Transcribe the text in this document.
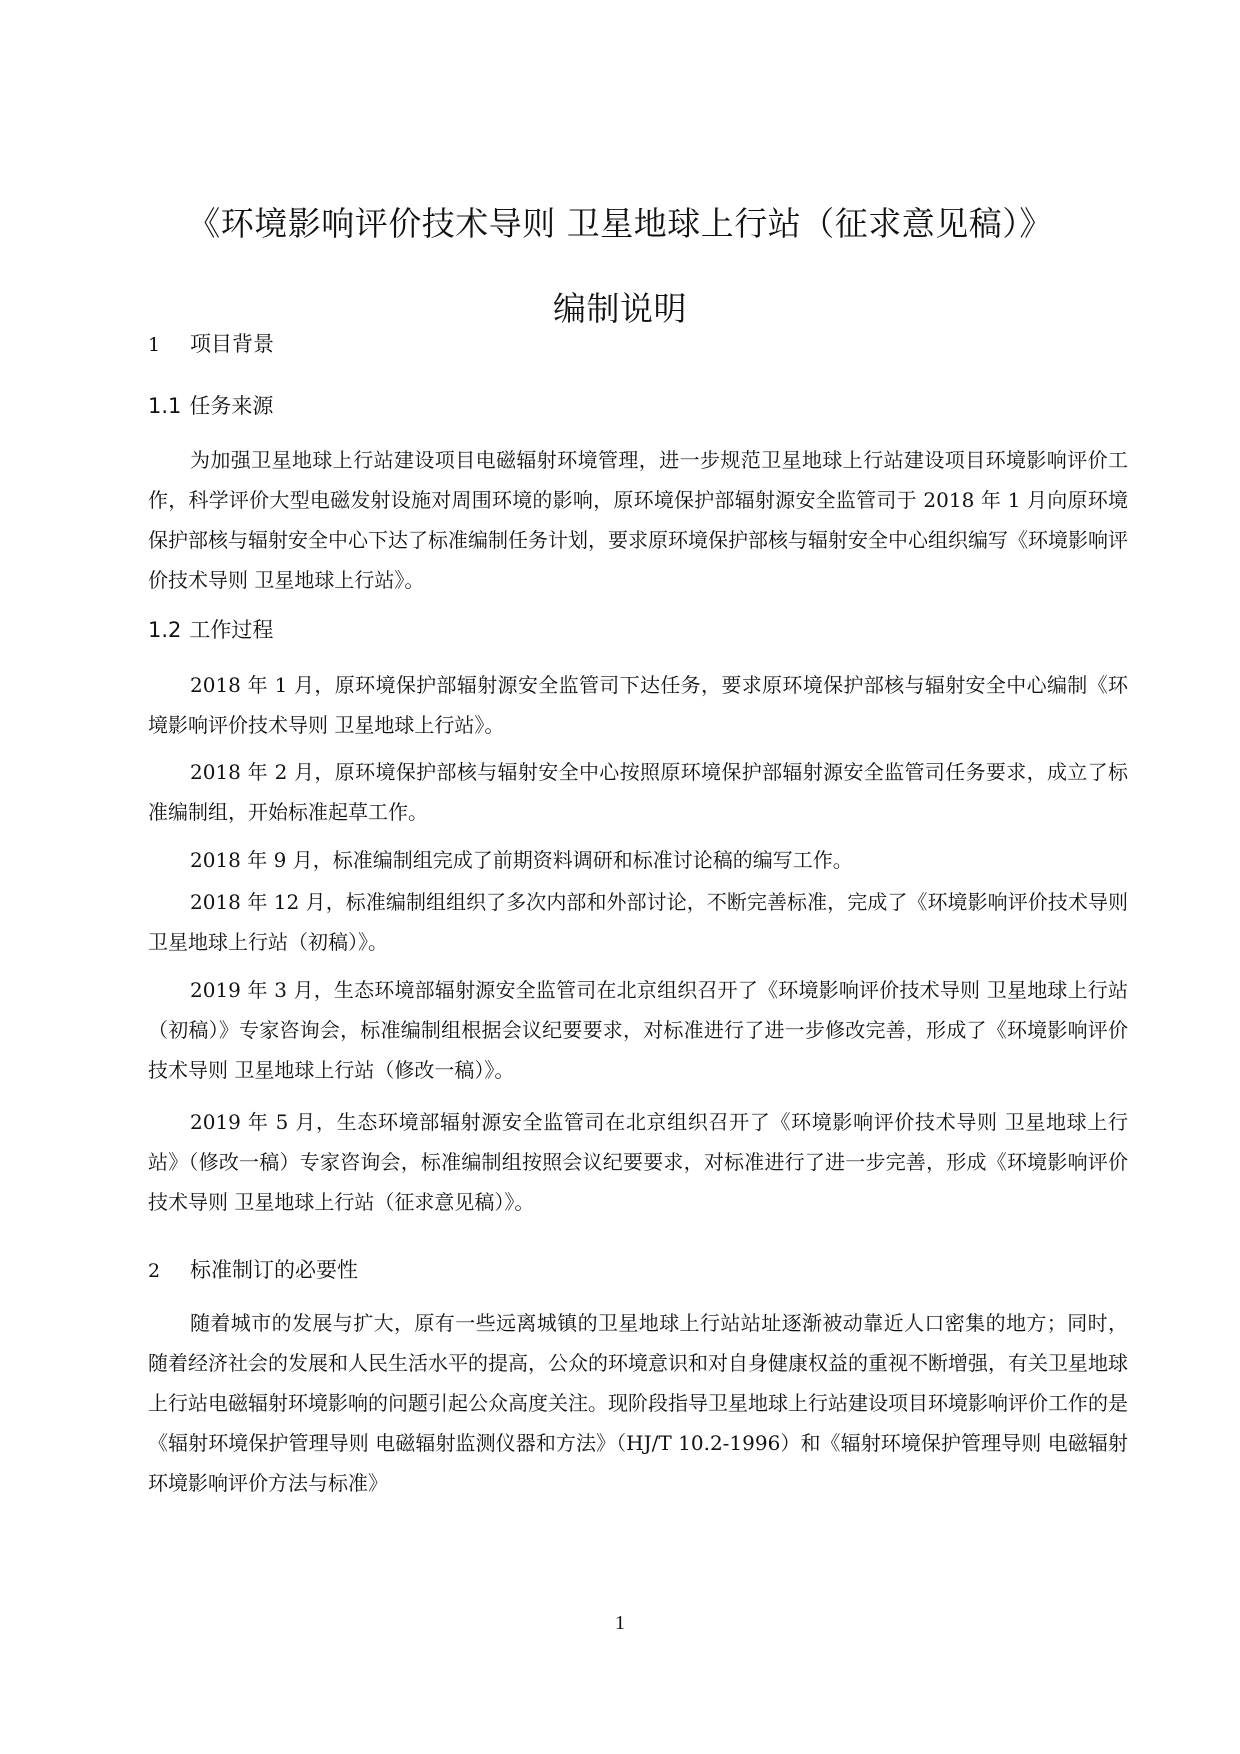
《环境影响评价技术导则 卫星地球上行站（征求意见稿）》
编制说明
1 项目背景
1.1 任务来源

为加强卫星地球上行站建设项目电磁辐射环境管理，进一步规范卫星地球上行站建设项目环境影响评价工作，科学评价大型电磁发射设施对周围环境的影响，原环境保护部辐射源安全监管司于 2018 年 1 月向原环境保护部核与辐射安全中心下达了标准编制任务计划，要求原环境保护部核与辐射安全中心组织编写《环境影响评价技术导则 卫星地球上行站》。

1.2 工作过程

2018 年 1 月，原环境保护部辐射源安全监管司下达任务，要求原环境保护部核与辐射安全中心编制《环境影响评价技术导则 卫星地球上行站》。

2018 年 2 月，原环境保护部核与辐射安全中心按照原环境保护部辐射源安全监管司任务要求，成立了标准编制组，开始标准起草工作。

2018 年 9 月，标准编制组完成了前期资料调研和标准讨论稿的编写工作。

2018 年 12 月，标准编制组组织了多次内部和外部讨论，不断完善标准，完成了《环境影响评价技术导则 卫星地球上行站（初稿）》。

2019 年 3 月，生态环境部辐射源安全监管司在北京组织召开了《环境影响评价技术导则 卫星地球上行站（初稿）》专家咨询会，标准编制组根据会议纪要要求，对标准进行了进一步修改完善，形成了《环境影响评价技术导则 卫星地球上行站（修改一稿）》。

2019 年 5 月，生态环境部辐射源安全监管司在北京组织召开了《环境影响评价技术导则 卫星地球上行站》（修改一稿）专家咨询会，标准编制组按照会议纪要要求，对标准进行了进一步完善，形成《环境影响评价技术导则 卫星地球上行站（征求意见稿）》。

2 标准制订的必要性

随着城市的发展与扩大，原有一些远离城镇的卫星地球上行站站址逐渐被动靠近人口密集的地方；同时，随着经济社会的发展和人民生活水平的提高，公众的环境意识和对自身健康权益的重视不断增强，有关卫星地球上行站电磁辐射环境影响的问题引起公众高度关注。现阶段指导卫星地球上行站建设项目环境影响评价工作的是《辐射环境保护管理导则 电磁辐射监测仪器和方法》（HJ/T 10.2-1996）和《辐射环境保护管理导则 电磁辐射环境影响评价方法与标准》

1
